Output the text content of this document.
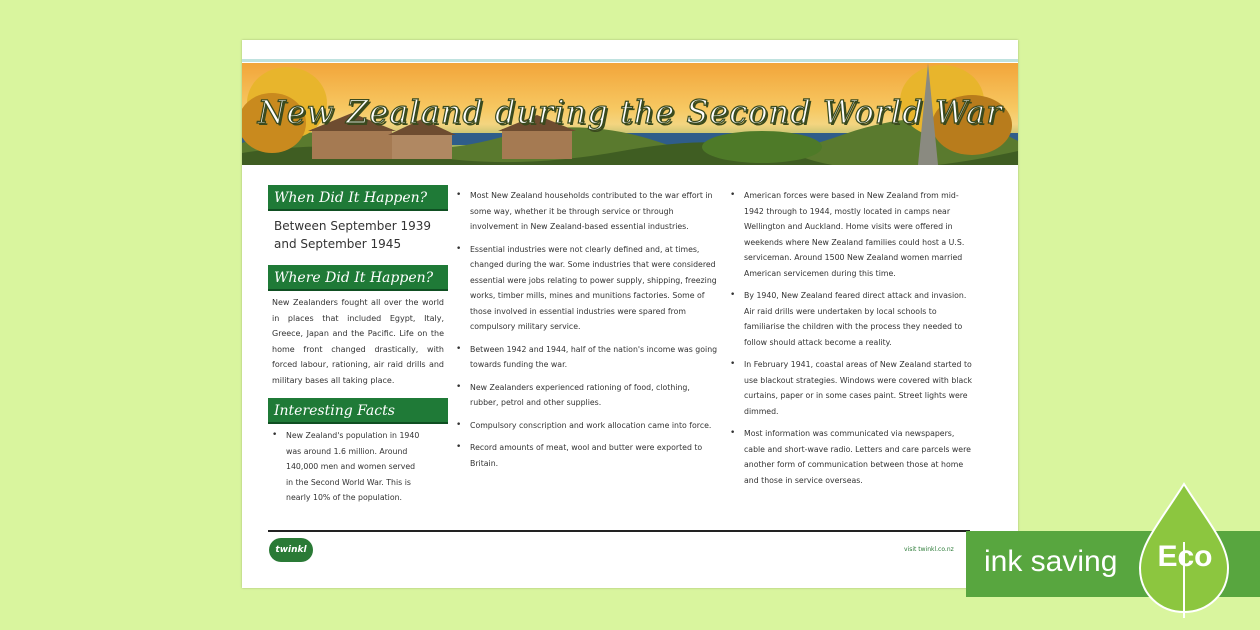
New Zealand during the Second World War
When Did It Happen?
Between September 1939 and September 1945
Where Did It Happen?
New Zealanders fought all over the world in places that included Egypt, Italy, Greece, Japan and the Pacific. Life on the home front changed drastically, with forced labour, rationing, air raid drills and military bases all taking place.
Interesting Facts
• New Zealand's population in 1940 was around 1.6 million. Around 140,000 men and women served in the Second World War. This is nearly 10% of the population.
• Most New Zealand households contributed to the war effort in some way, whether it be through service or through involvement in New Zealand-based essential industries.
• Essential industries were not clearly defined and, at times, changed during the war. Some industries that were considered essential were jobs relating to power supply, shipping, freezing works, timber mills, mines and munitions factories. Some of those involved in essential industries were spared from compulsory military service.
• Between 1942 and 1944, half of the nation's income was going towards funding the war.
• New Zealanders experienced rationing of food, clothing, rubber, petrol and other supplies.
• Compulsory conscription and work allocation came into force.
• Record amounts of meat, wool and butter were exported to Britain.
• American forces were based in New Zealand from mid-1942 through to 1944, mostly located in camps near Wellington and Auckland. Home visits were offered in weekends where New Zealand families could host a U.S. serviceman. Around 1500 New Zealand women married American servicemen during this time.
• By 1940, New Zealand feared direct attack and invasion. Air raid drills were undertaken by local schools to familiarise the children with the process they needed to follow should attack become a reality.
• In February 1941, coastal areas of New Zealand started to use blackout strategies. Windows were covered with black curtains, paper or in some cases paint. Street lights were dimmed.
• Most information was communicated via newspapers, cable and short-wave radio. Letters and care parcels were another form of communication between those at home and those in service overseas.
twinkl	visit twinkl.co.nz ink saving	Eco
